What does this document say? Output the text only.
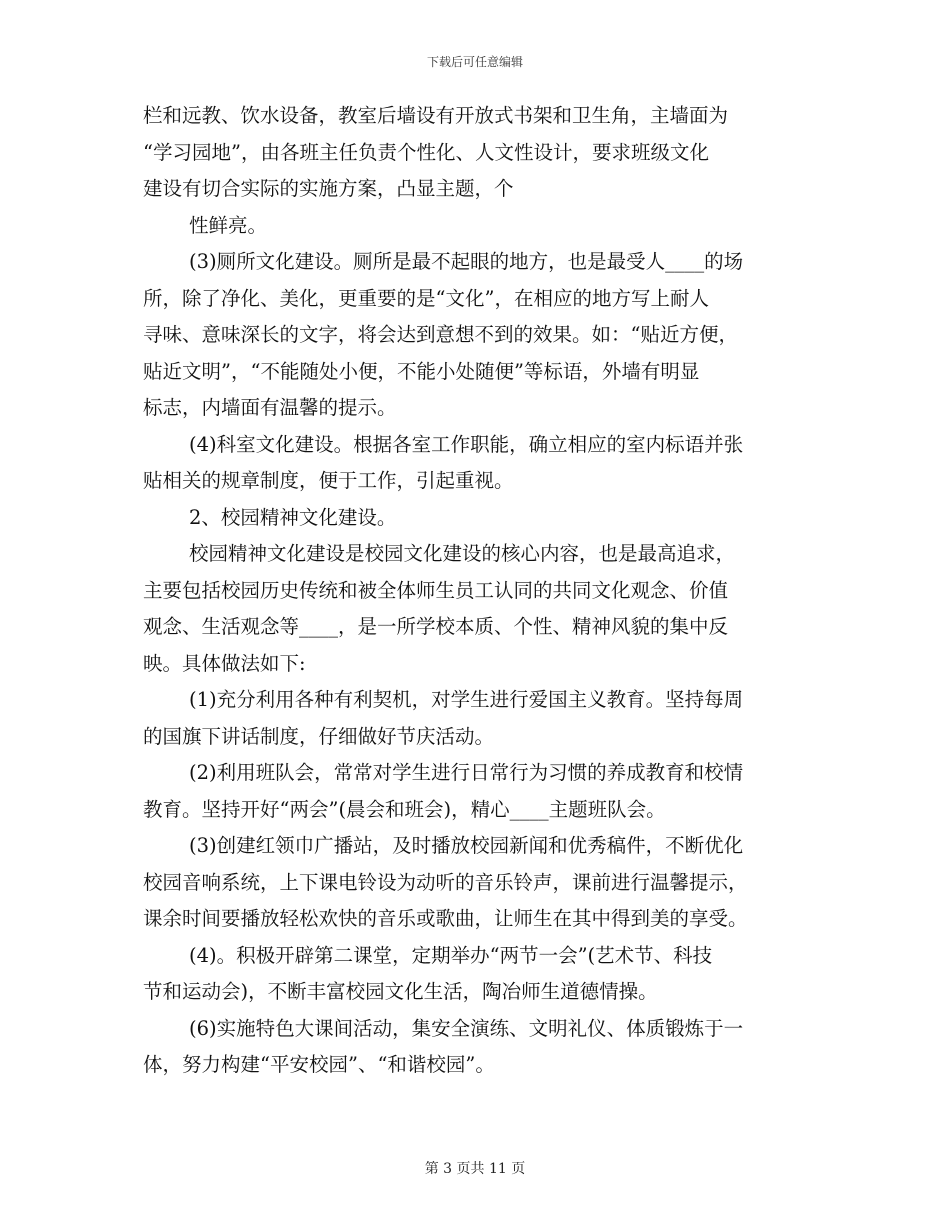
下载后可任意编辑

栏和远教、饮水设备，教室后墙设有开放式书架和卫生角，主墙面为

“学习园地”，由各班主任负责个性化、人文性设计，要求班级文化

建设有切合实际的实施方案，凸显主题，个

性鲜亮。

(3)厕所文化建设。厕所是最不起眼的地方，也是最受人____的场

所，除了净化、美化，更重要的是“文化”，在相应的地方写上耐人

寻味、意味深长的文字，将会达到意想不到的效果。如：“贴近方便，

贴近文明”，“不能随处小便，不能小处随便”等标语，外墙有明显

标志，内墙面有温馨的提示。

(4)科室文化建设。根据各室工作职能，确立相应的室内标语并张

贴相关的规章制度，便于工作，引起重视。

2、校园精神文化建设。

校园精神文化建设是校园文化建设的核心内容，也是最高追求，

主要包括校园历史传统和被全体师生员工认同的共同文化观念、价值

观念、生活观念等____，是一所学校本质、个性、精神风貌的集中反

映。具体做法如下:

(1)充分利用各种有利契机，对学生进行爱国主义教育。坚持每周

的国旗下讲话制度，仔细做好节庆活动。

(2)利用班队会，常常对学生进行日常行为习惯的养成教育和校情

教育。坚持开好“两会”(晨会和班会)，精心____主题班队会。

(3)创建红领巾广播站，及时播放校园新闻和优秀稿件，不断优化

校园音响系统，上下课电铃设为动听的音乐铃声，课前进行温馨提示，

课余时间要播放轻松欢快的音乐或歌曲，让师生在其中得到美的享受。

(4)。积极开辟第二课堂，定期举办“两节一会”(艺术节、科技

节和运动会)，不断丰富校园文化生活，陶冶师生道德情操。

(6)实施特色大课间活动，集安全演练、文明礼仪、体质锻炼于一

体，努力构建“平安校园”、“和谐校园”。

第 3 页共 11 页
